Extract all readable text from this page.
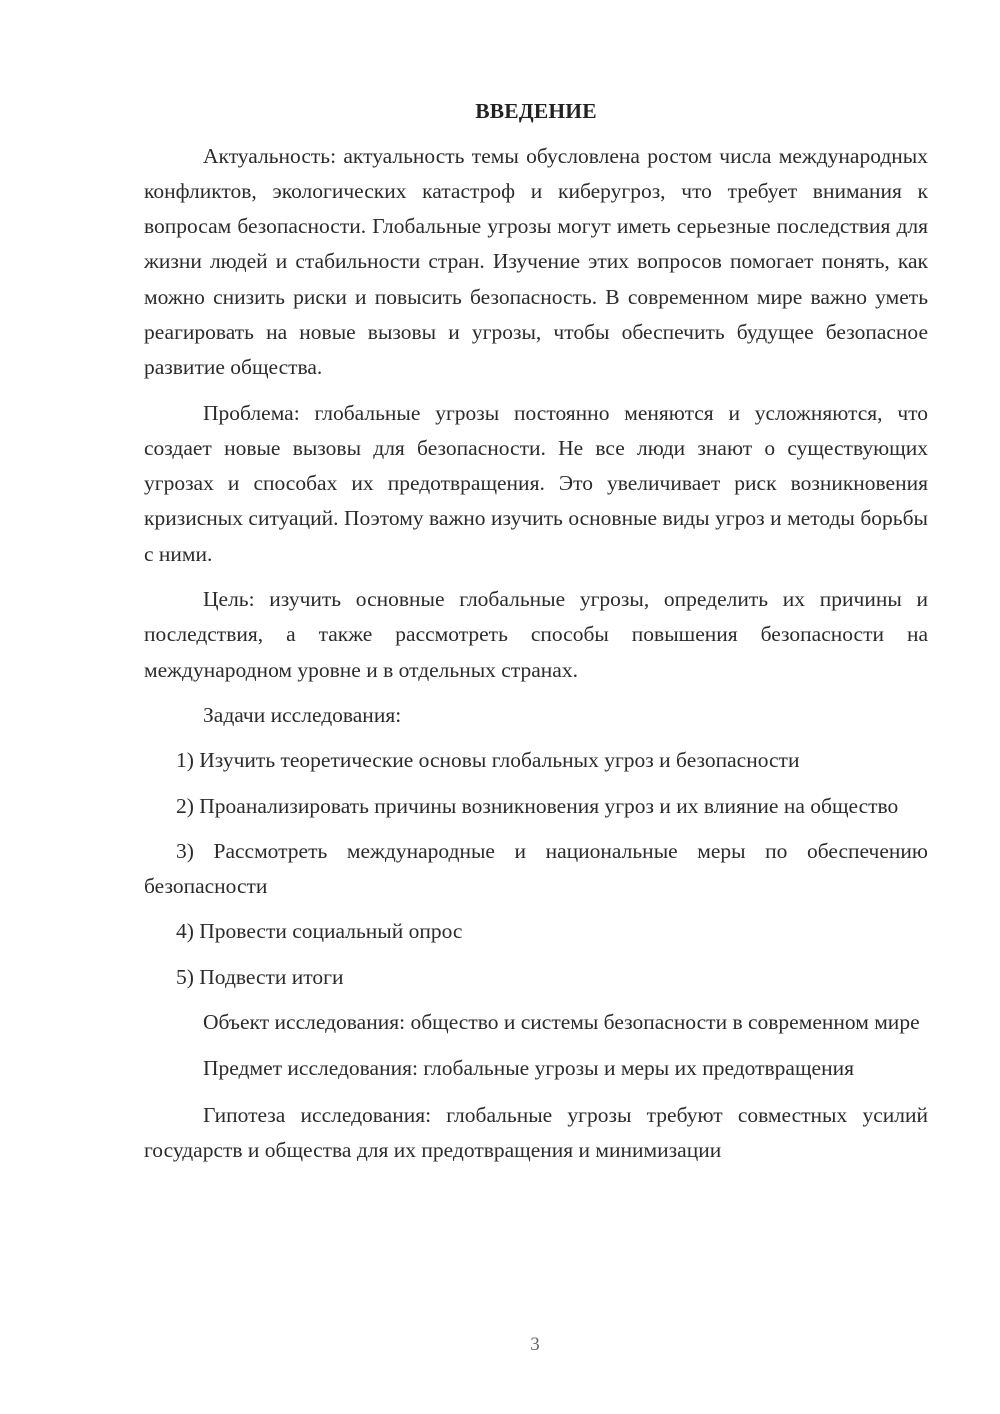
ВВЕДЕНИЕ

Актуальность: актуальность темы обусловлена ростом числа международных конфликтов, экологических катастроф и киберугроз, что требует внимания к вопросам безопасности. Глобальные угрозы могут иметь серьезные последствия для жизни людей и стабильности стран. Изучение этих вопросов помогает понять, как можно снизить риски и повысить безопасность. В современном мире важно уметь реагировать на новые вызовы и угрозы, чтобы обеспечить будущее безопасное развитие общества.

Проблема: глобальные угрозы постоянно меняются и усложняются, что создает новые вызовы для безопасности. Не все люди знают о существующих угрозах и способах их предотвращения. Это увеличивает риск возникновения кризисных ситуаций. Поэтому важно изучить основные виды угроз и методы борьбы с ними.

Цель: изучить основные глобальные угрозы, определить их причины и последствия, а также рассмотреть способы повышения безопасности на международном уровне и в отдельных странах.

Задачи исследования:

1) Изучить теоретические основы глобальных угроз и безопасности

2) Проанализировать причины возникновения угроз и их влияние на общество

3) Рассмотреть международные и национальные меры по обеспечению безопасности

4) Провести социальный опрос

5) Подвести итоги

Объект исследования: общество и системы безопасности в современном мире

Предмет исследования: глобальные угрозы и меры их предотвращения

Гипотеза исследования: глобальные угрозы требуют совместных усилий государств и общества для их предотвращения и минимизации

3
